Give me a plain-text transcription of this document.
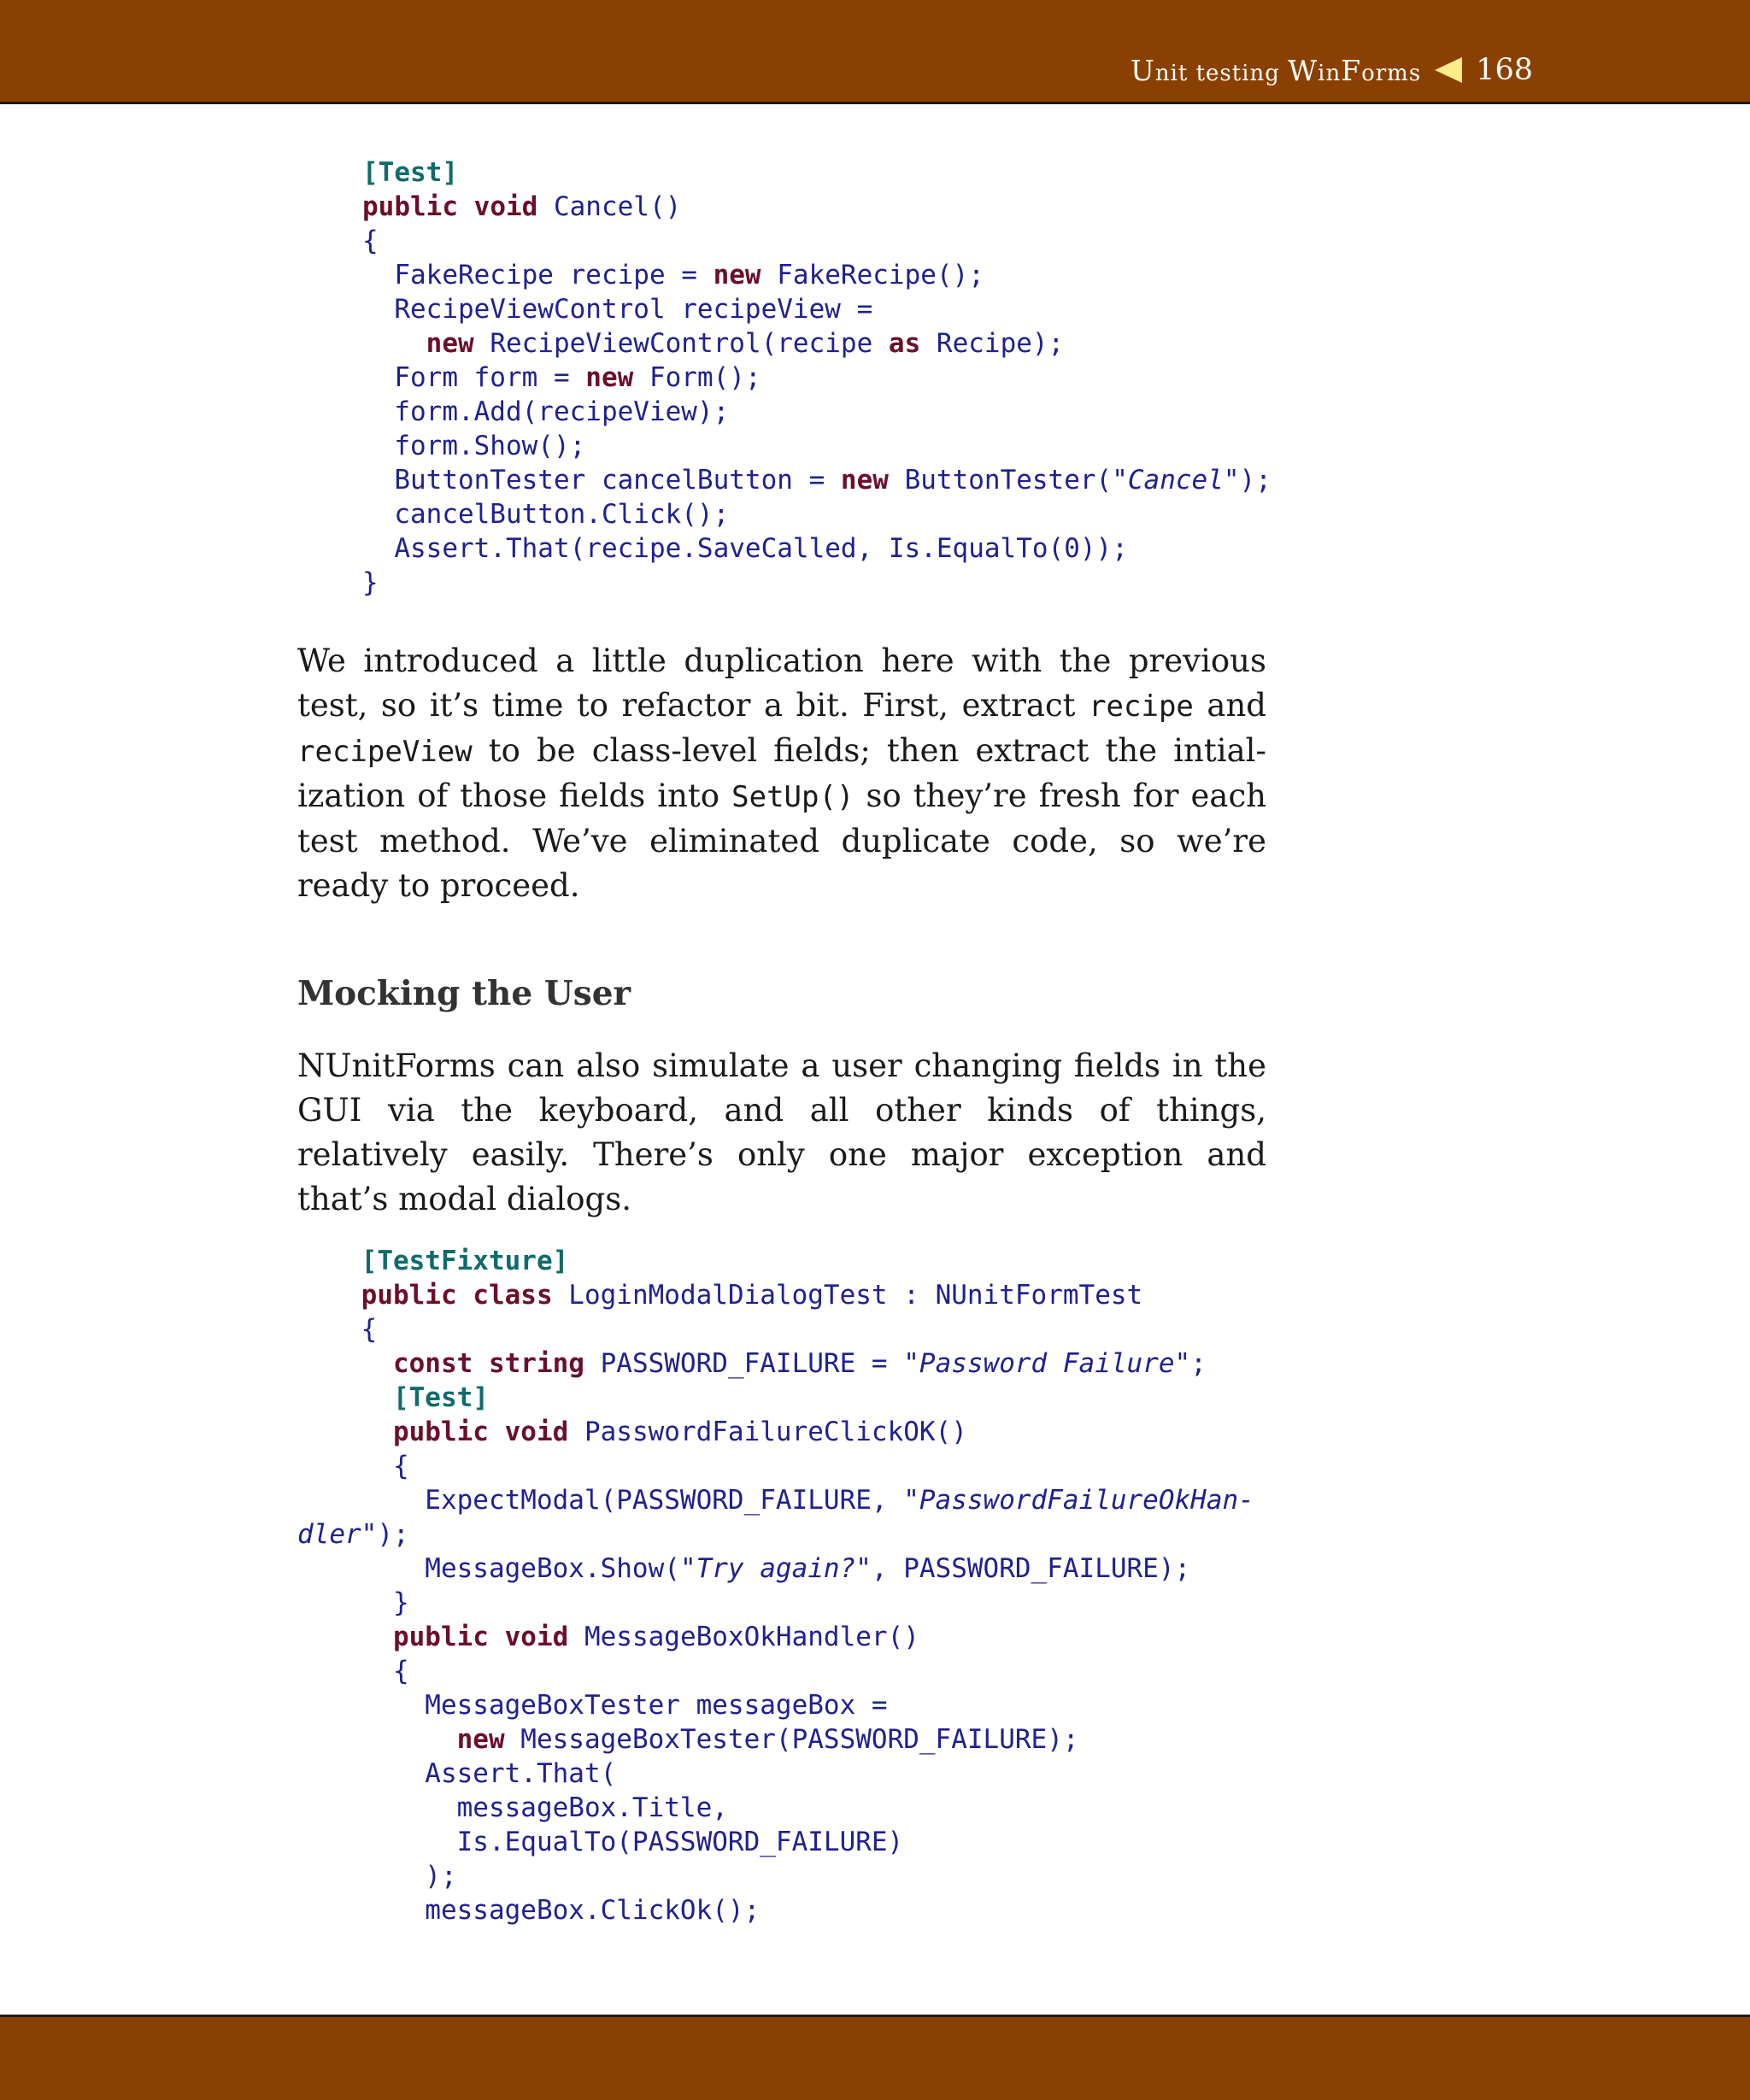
Unit testing WinForms 168
[Test]
public void Cancel()
{
FakeRecipe recipe = new FakeRecipe();
RecipeViewControl recipeView =
new RecipeViewControl(recipe as Recipe);
Form form = new Form();
form.Add(recipeView);
form.Show();
ButtonTester cancelButton = new ButtonTester("Cancel");
cancelButton.Click();
Assert.That(recipe.SaveCalled, Is.EqualTo(0));
}

We introduced a little duplication here with the previous test, so it’s time to refactor a bit. First, extract recipe and recipeView to be class-level fields; then extract the intialization of those fields into SetUp() so they’re fresh for each test method. We’ve eliminated duplicate code, so we’re ready to proceed.

Mocking the User

NUnitForms can also simulate a user changing fields in the GUI via the keyboard, and all other kinds of things, relatively easily. There’s only one major exception and that’s modal dialogs.

[TestFixture]
public class LoginModalDialogTest : NUnitFormTest
{
const string PASSWORD_FAILURE = "Password Failure";
[Test]
public void PasswordFailureClickOK()
{
ExpectModal(PASSWORD_FAILURE, "PasswordFailureOkHan-
dler");
MessageBox.Show("Try again?", PASSWORD_FAILURE);
}
public void MessageBoxOkHandler()
{
MessageBoxTester messageBox =
new MessageBoxTester(PASSWORD_FAILURE);
Assert.That(
messageBox.Title,
Is.EqualTo(PASSWORD_FAILURE)
);
messageBox.ClickOk();
